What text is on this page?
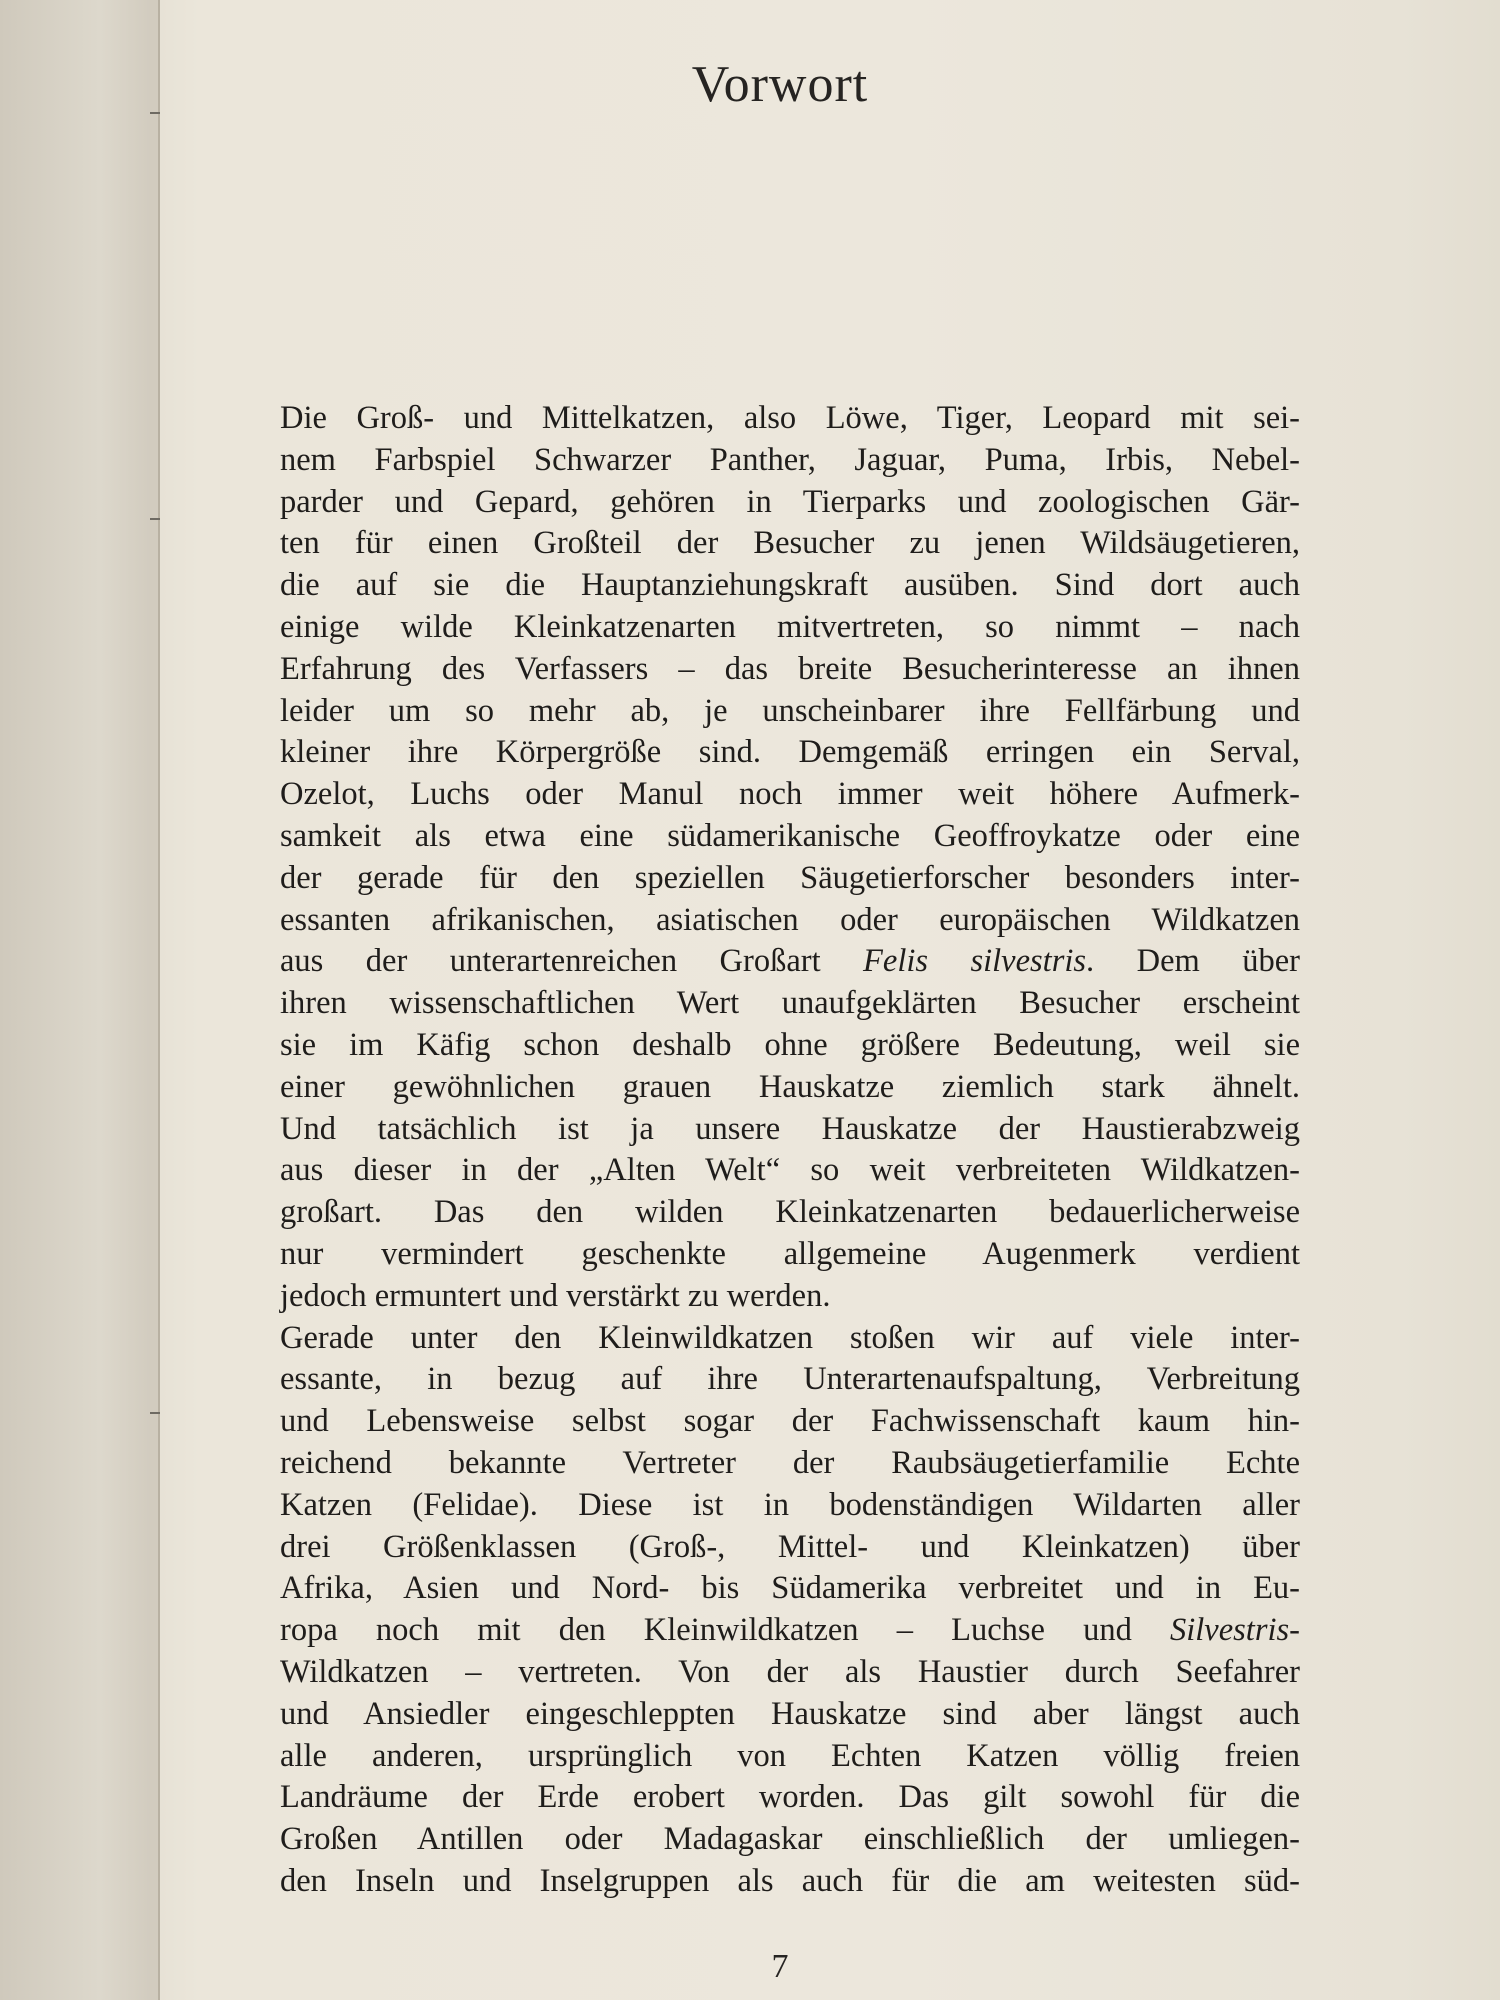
Vorwort
Die Groß- und Mittelkatzen, also Löwe, Tiger, Leopard mit sei-
nem Farbspiel Schwarzer Panther, Jaguar, Puma, Irbis, Nebel-
parder und Gepard, gehören in Tierparks und zoologischen Gär-
ten für einen Großteil der Besucher zu jenen Wildsäugetieren,
die auf sie die Hauptanziehungskraft ausüben. Sind dort auch
einige wilde Kleinkatzenarten mitvertreten, so nimmt – nach
Erfahrung des Verfassers – das breite Besucherinteresse an ihnen
leider um so mehr ab, je unscheinbarer ihre Fellfärbung und
kleiner ihre Körpergröße sind. Demgemäß erringen ein Serval,
Ozelot, Luchs oder Manul noch immer weit höhere Aufmerk-
samkeit als etwa eine südamerikanische Geoffroykatze oder eine
der gerade für den speziellen Säugetierforscher besonders inter-
essanten afrikanischen, asiatischen oder europäischen Wildkatzen
aus der unterartenreichen Großart Felis silvestris. Dem über
ihren wissenschaftlichen Wert unaufgeklärten Besucher erscheint
sie im Käfig schon deshalb ohne größere Bedeutung, weil sie
einer gewöhnlichen grauen Hauskatze ziemlich stark ähnelt.
Und tatsächlich ist ja unsere Hauskatze der Haustierabzweig
aus dieser in der „Alten Welt“ so weit verbreiteten Wildkatzen-
großart. Das den wilden Kleinkatzenarten bedauerlicherweise
nur vermindert geschenkte allgemeine Augenmerk verdient
jedoch ermuntert und verstärkt zu werden.
Gerade unter den Kleinwildkatzen stoßen wir auf viele inter-
essante, in bezug auf ihre Unterartenaufspaltung, Verbreitung
und Lebensweise selbst sogar der Fachwissenschaft kaum hin-
reichend bekannte Vertreter der Raubsäugetierfamilie Echte
Katzen (Felidae). Diese ist in bodenständigen Wildarten aller
drei Größenklassen (Groß-, Mittel- und Kleinkatzen) über
Afrika, Asien und Nord- bis Südamerika verbreitet und in Eu-
ropa noch mit den Kleinwildkatzen – Luchse und Silvestris-
Wildkatzen – vertreten. Von der als Haustier durch Seefahrer
und Ansiedler eingeschleppten Hauskatze sind aber längst auch
alle anderen, ursprünglich von Echten Katzen völlig freien
Landräume der Erde erobert worden. Das gilt sowohl für die
Großen Antillen oder Madagaskar einschließlich der umliegen-
den Inseln und Inselgruppen als auch für die am weitesten süd-
7
